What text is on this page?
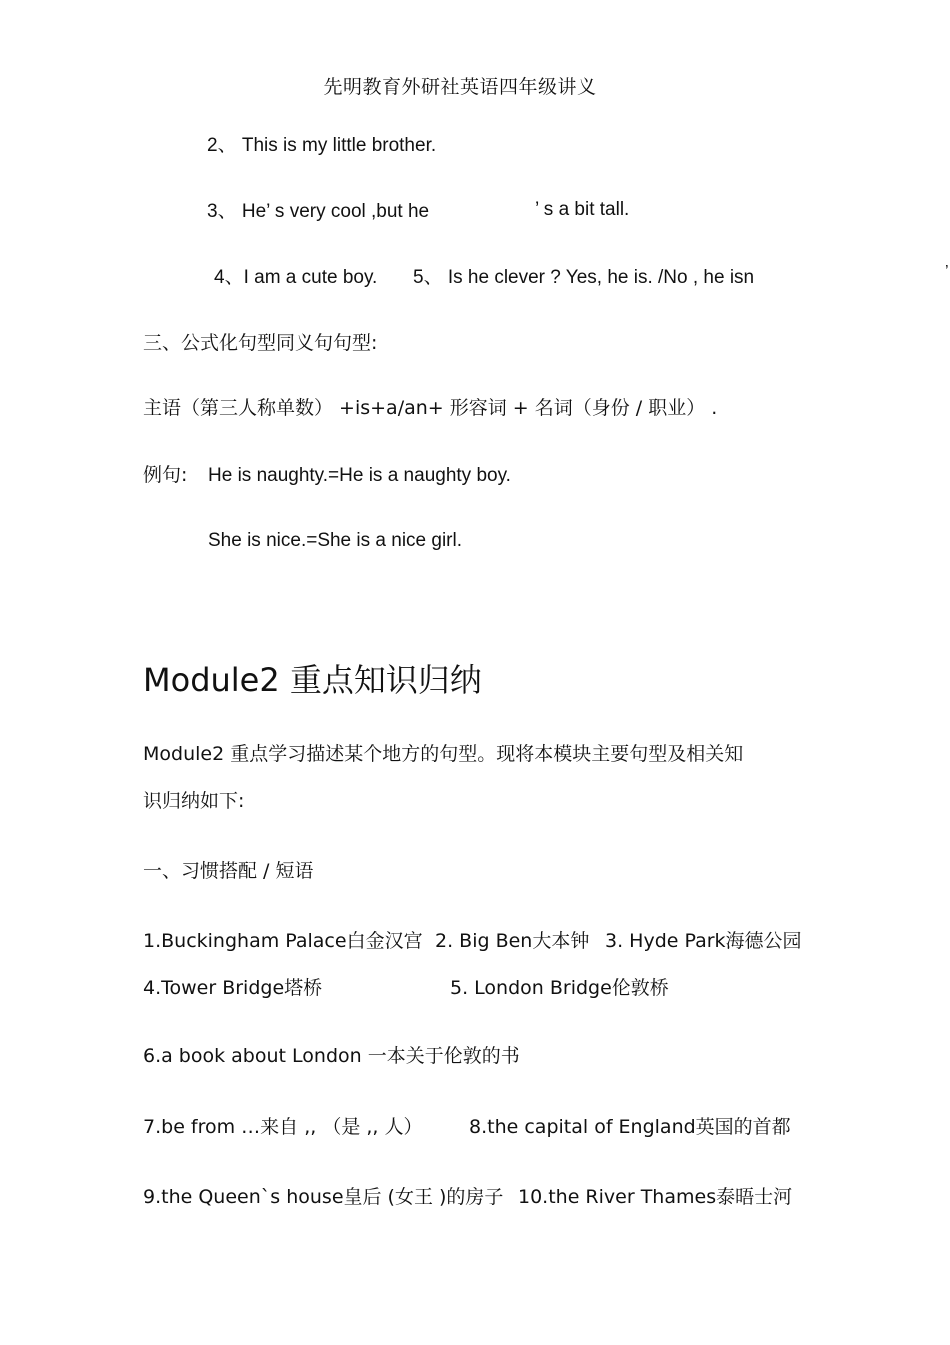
先明教育外研社英语四年级讲义
2、 This is my little brother.
3、 He’ s very cool ,but he	’ s a bit tall.
4、I am a cute boy. 5、 Is he clever ? Yes, he is. /No , he isn	’
三、公式化句型同义句句型:
主语（第三人称单数） +is+a/an+ 形容词 + 名词（身份 / 职业） .
例句: He is naughty.=He is a naughty boy.
She is nice.=She is a nice girl.
Module2 重点知识归纳
Module2 重点学习描述某个地方的句型。现将本模块主要句型及相关知
识归纳如下:
一、习惯搭配 / 短语
1.Buckingham Palace白金汉宫 2. Big Ben大本钟 3. Hyde Park海德公园
4.Tower Bridge塔桥	5. London Bridge伦敦桥
6.a book about London 一本关于伦敦的书
7.be from …来自 ,, （是 ,, 人） 8.the capital of England英国的首都
9.the Queen`s house皇后 (女王 )的房子 10.the River Thames泰晤士河
